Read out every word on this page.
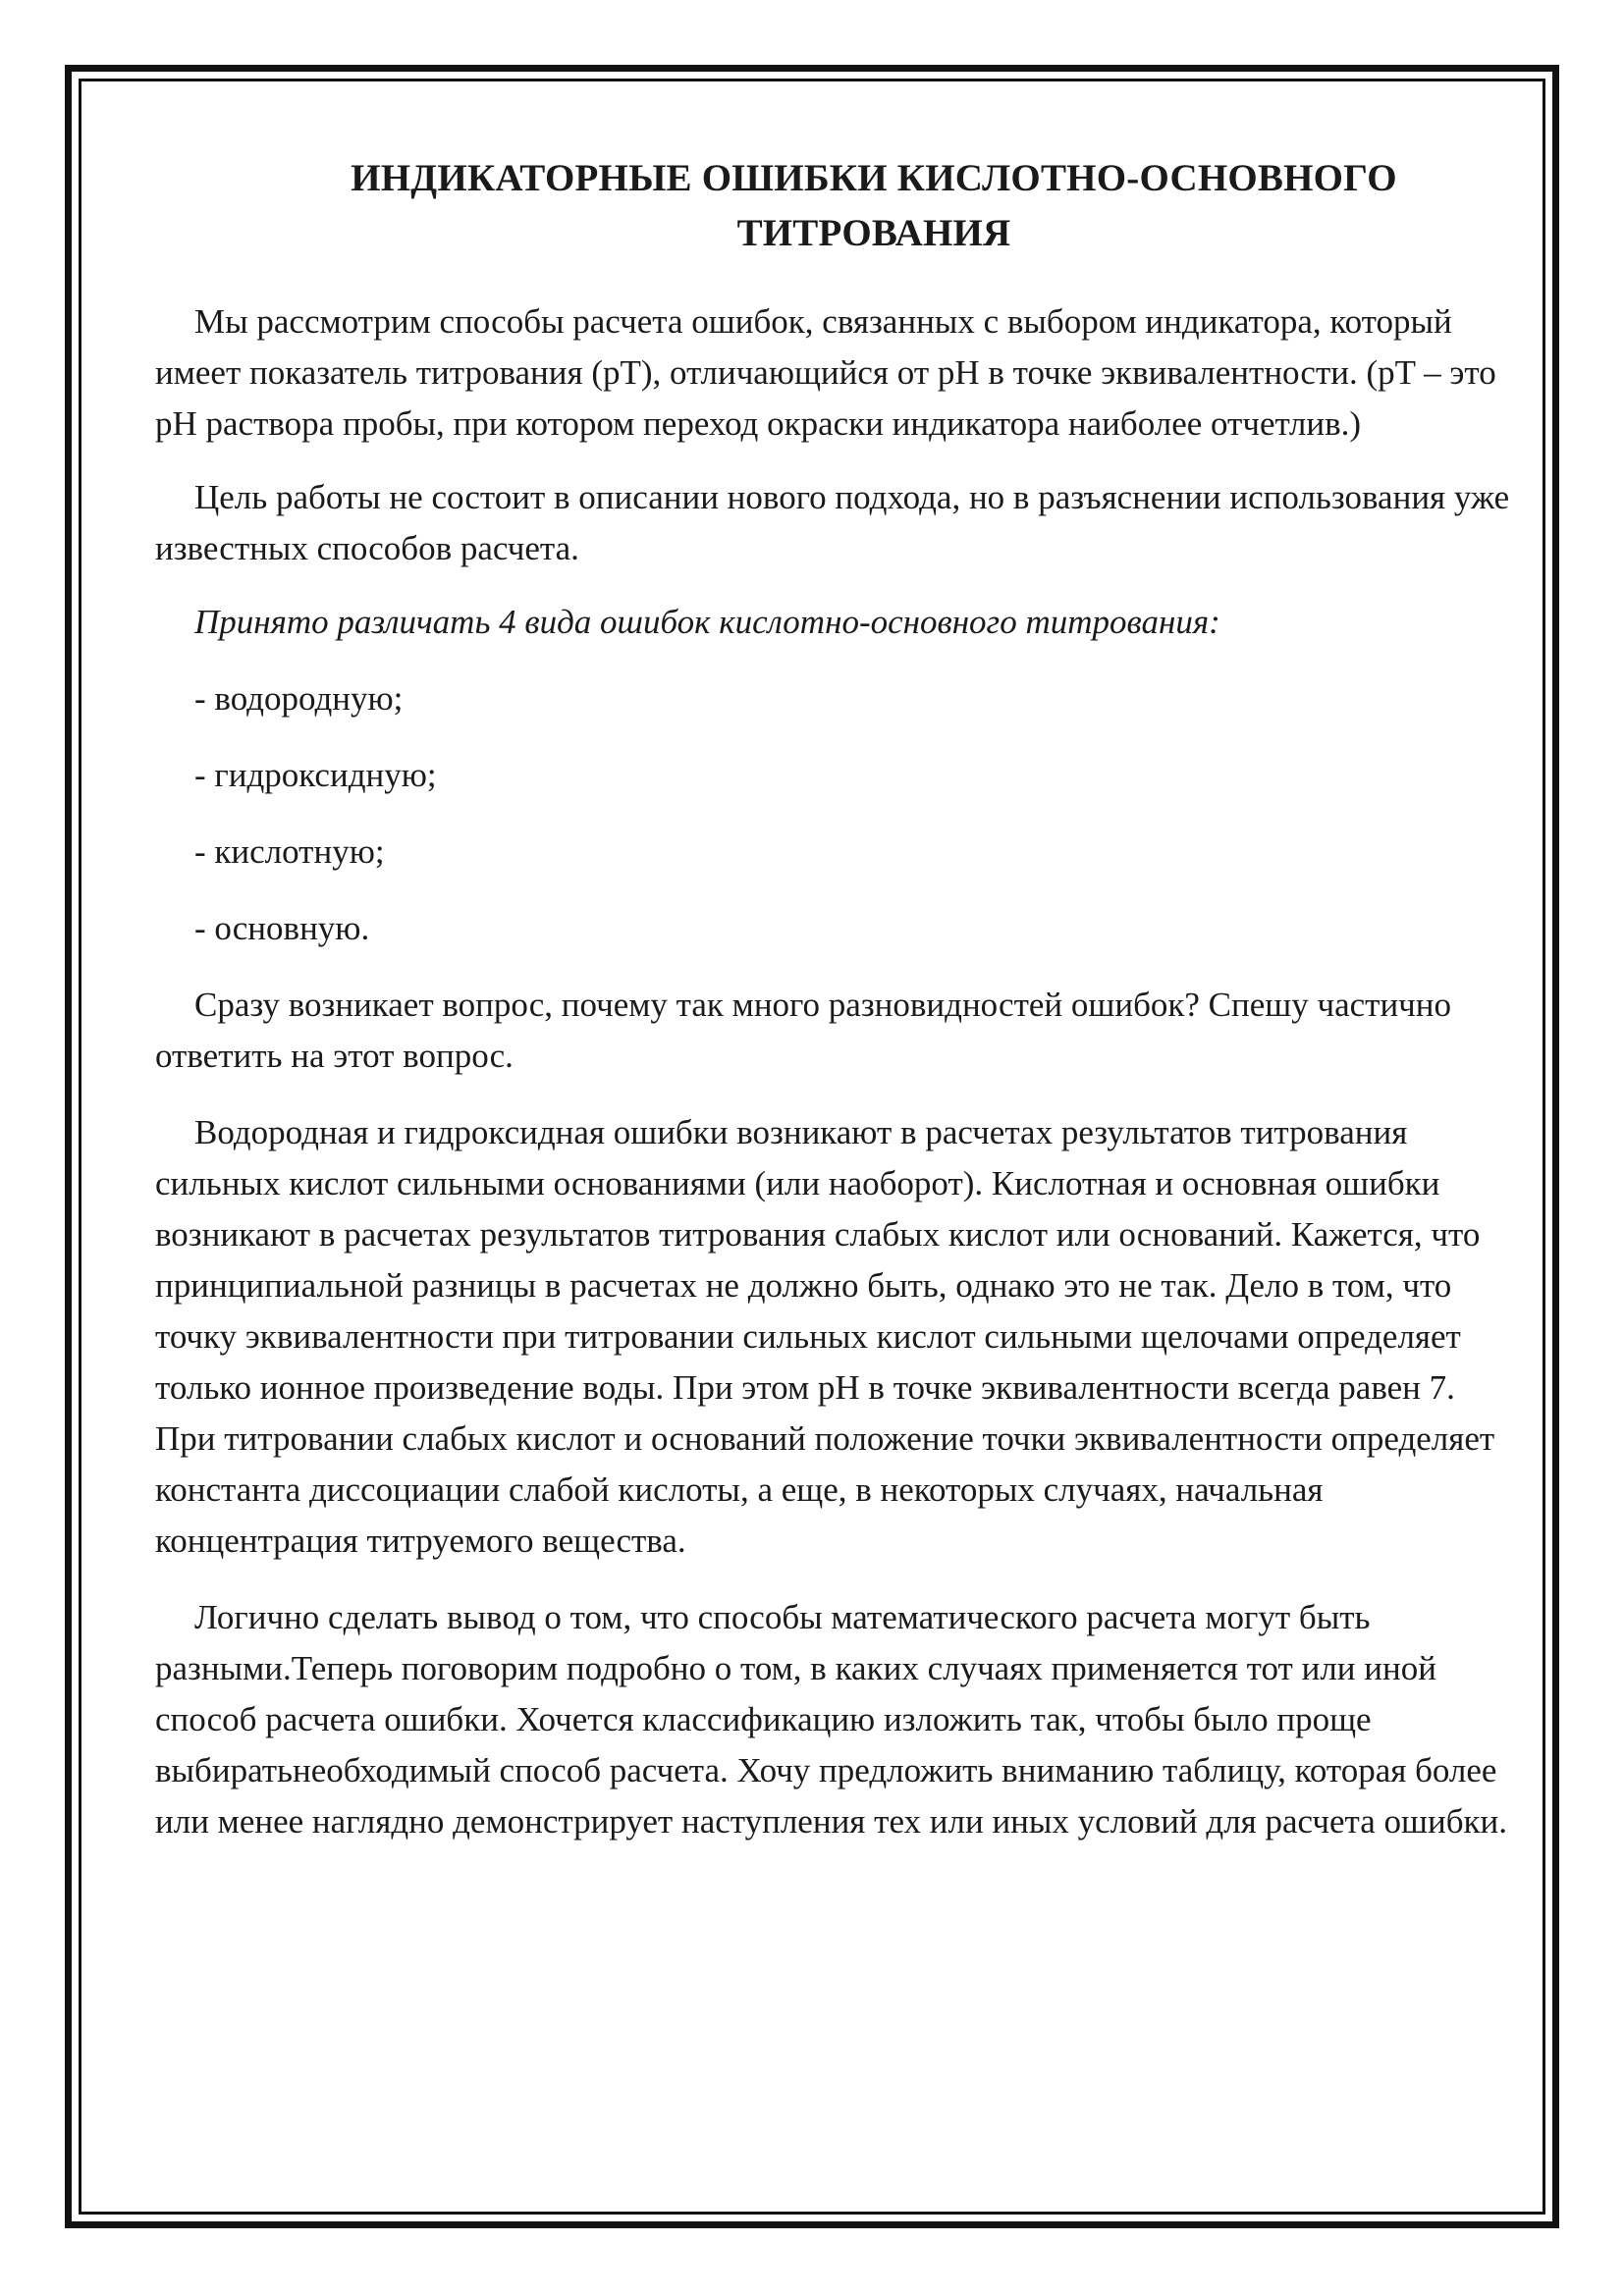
ИНДИКАТОРНЫЕ ОШИБКИ КИСЛОТНО-ОСНОВНОГО
ТИТРОВАНИЯ

Мы рассмотрим способы расчета ошибок, связанных с выбором индикатора, который имеет показатель титрования (pT), отличающийся от pH в точке эквивалентности. (pT – это pH раствора пробы, при котором переход окраски индикатора наиболее отчетлив.)

Цель работы не состоит в описании нового подхода, но в разъяснении использования уже известных способов расчета.

Принято различать 4 вида ошибок кислотно-основного титрования:

- водородную;

- гидроксидную;

- кислотную;

- основную.

Сразу возникает вопрос, почему так много разновидностей ошибок? Спешу частично ответить на этот вопрос.

Водородная и гидроксидная ошибки возникают в расчетах результатов титрования сильных кислот сильными основаниями (или наоборот). Кислотная и основная ошибки возникают в расчетах результатов титрования слабых кислот или оснований. Кажется, что принципиальной разницы в расчетах не должно быть, однако это не так. Дело в том, что точку эквивалентности при титровании сильных кислот сильными щелочами определяет только ионное произведение воды. При этом pH в точке эквивалентности всегда равен 7. При титровании слабых кислот и оснований положение точки эквивалентности определяет константа диссоциации слабой кислоты, а еще, в некоторых случаях, начальная концентрация титруемого вещества.

Логично сделать вывод о том, что способы математического расчета могут быть разными.Теперь поговорим подробно о том, в каких случаях применяется тот или иной способ расчета ошибки. Хочется классификацию изложить так, чтобы было проще выбиратьнеобходимый способ расчета. Хочу предложить вниманию таблицу, которая более или менее наглядно демонстрирует наступления тех или иных условий для расчета ошибки.
